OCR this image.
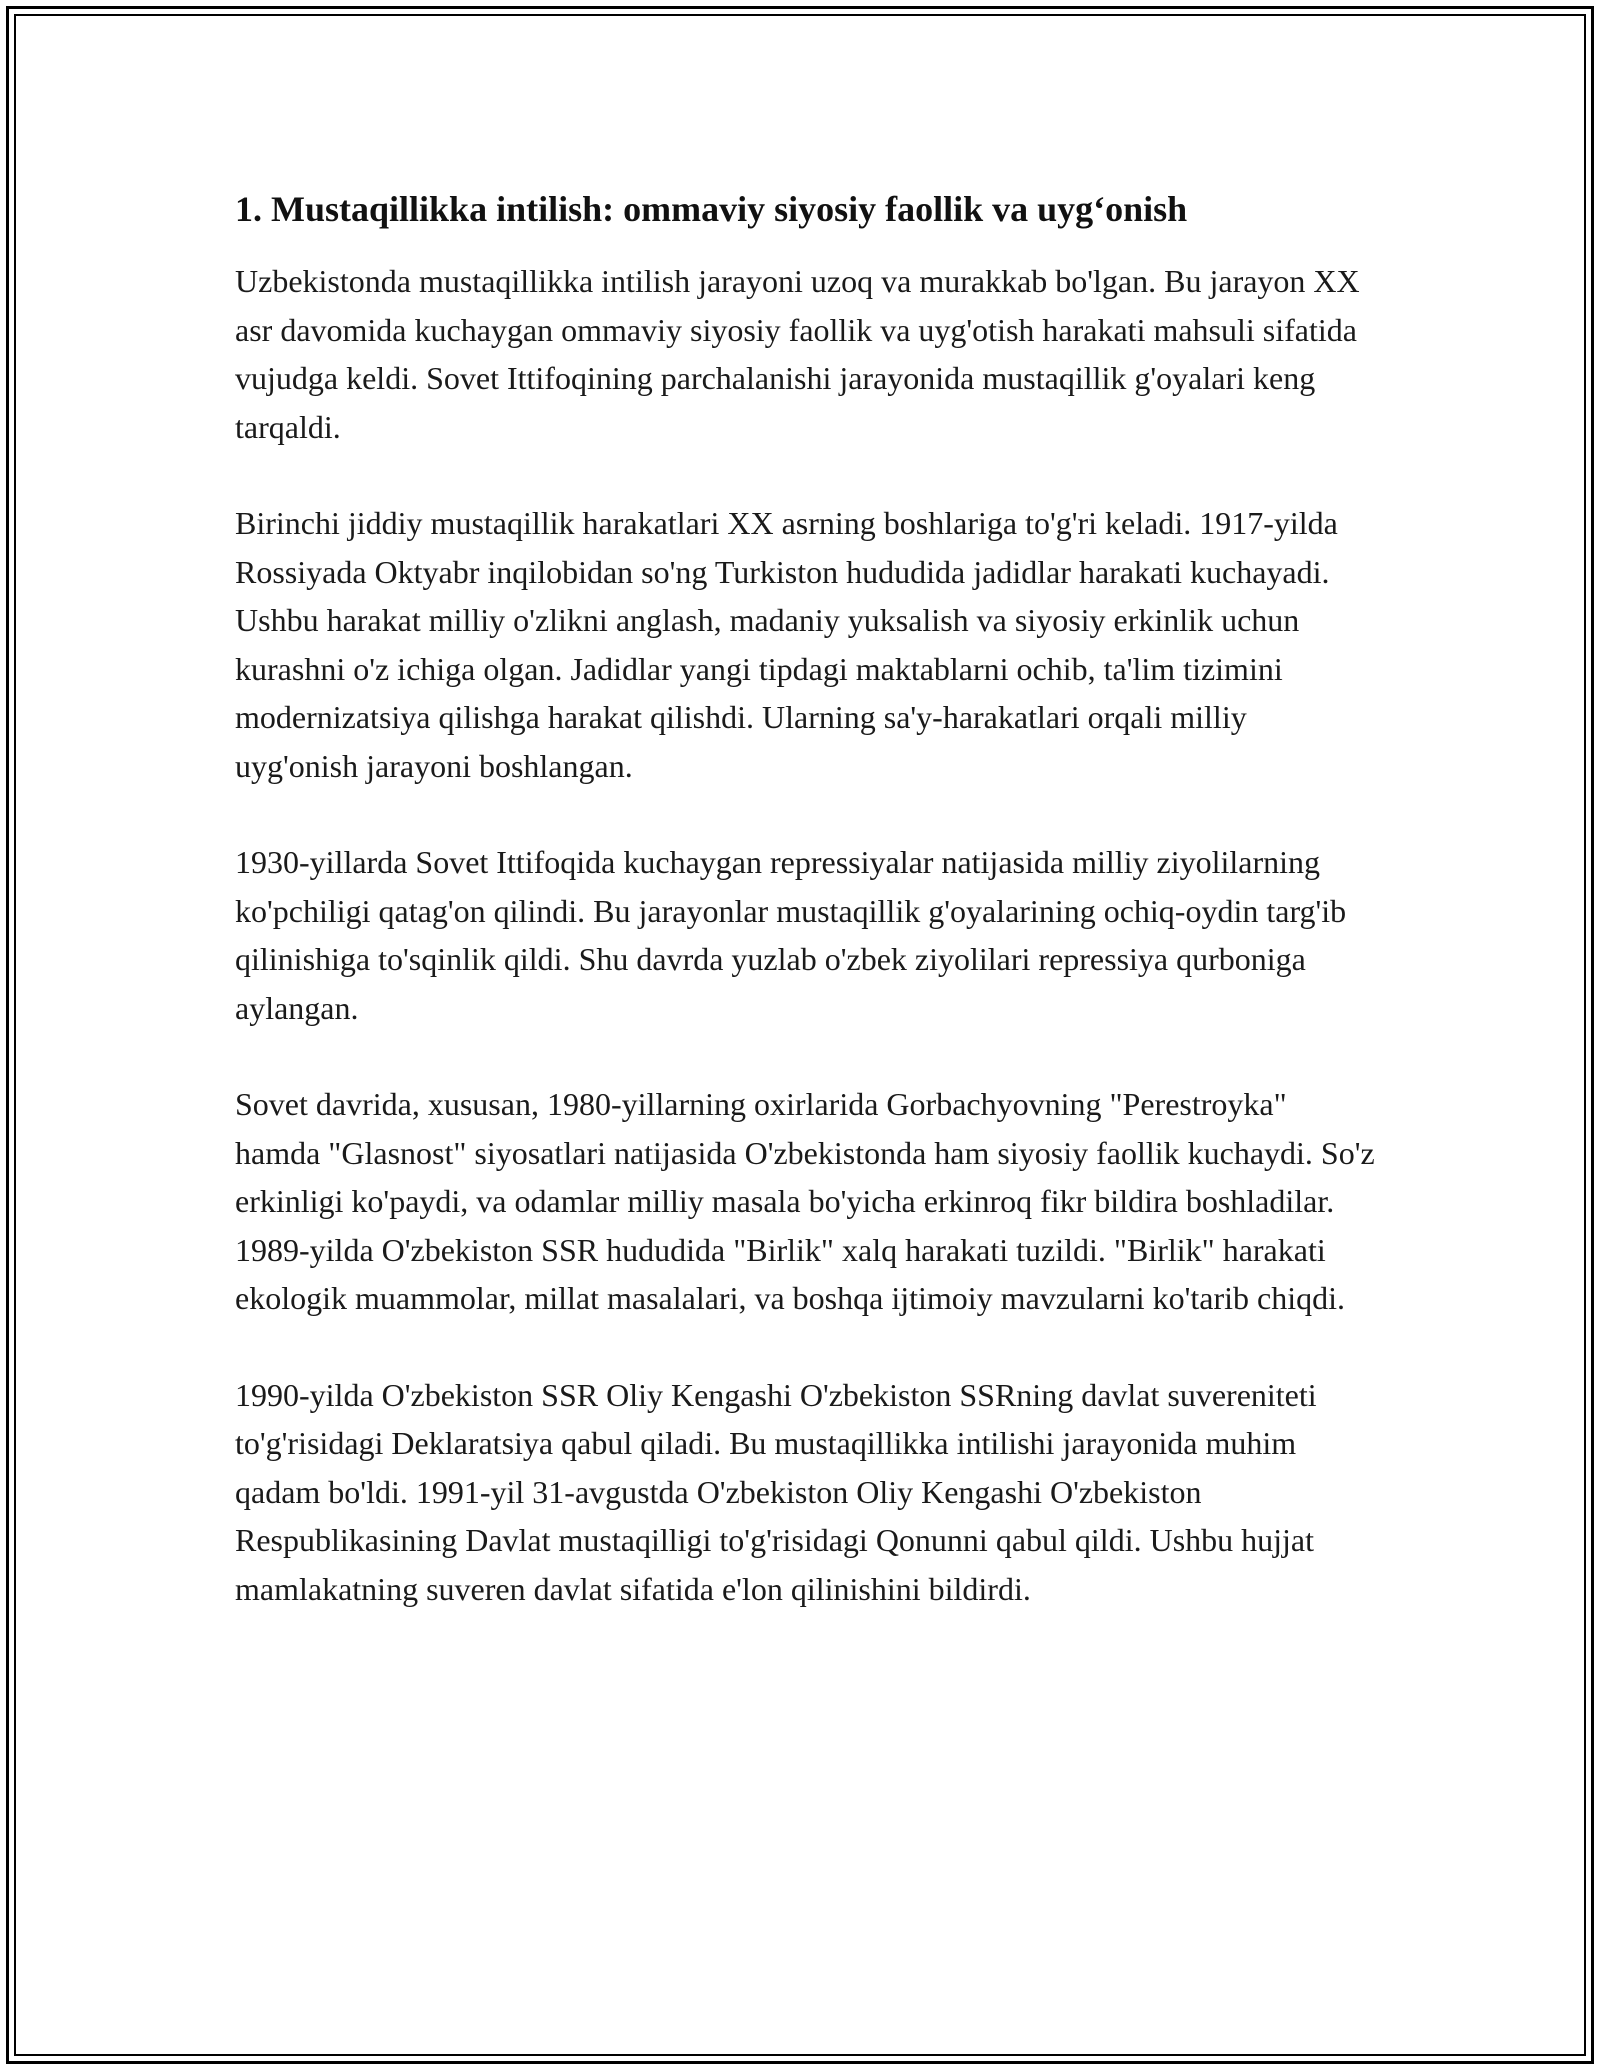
1. Mustaqillikka intilish: ommaviy siyosiy faollik va uyg‘onish

Uzbekistonda mustaqillikka intilish jarayoni uzoq va murakkab bo'lgan. Bu jarayon XX asr davomida kuchaygan ommaviy siyosiy faollik va uyg'otish harakati mahsuli sifatida vujudga keldi. Sovet Ittifoqining parchalanishi jarayonida mustaqillik g'oyalari keng tarqaldi.

Birinchi jiddiy mustaqillik harakatlari XX asrning boshlariga to'g'ri keladi. 1917-yilda Rossiyada Oktyabr inqilobidan so'ng Turkiston hududida jadidlar harakati kuchayadi. Ushbu harakat milliy o'zlikni anglash, madaniy yuksalish va siyosiy erkinlik uchun kurashni o'z ichiga olgan. Jadidlar yangi tipdagi maktablarni ochib, ta'lim tizimini modernizatsiya qilishga harakat qilishdi. Ularning sa'y-harakatlari orqali milliy uyg'onish jarayoni boshlangan.

1930-yillarda Sovet Ittifoqida kuchaygan repressiyalar natijasida milliy ziyolilarning ko'pchiligi qatag'on qilindi. Bu jarayonlar mustaqillik g'oyalarining ochiq-oydin targ'ib qilinishiga to'sqinlik qildi. Shu davrda yuzlab o'zbek ziyolilari repressiya qurboniga aylangan.

Sovet davrida, xususan, 1980-yillarning oxirlarida Gorbachyovning "Perestroyka" hamda "Glasnost" siyosatlari natijasida O'zbekistonda ham siyosiy faollik kuchaydi. So'z erkinligi ko'paydi, va odamlar milliy masala bo'yicha erkinroq fikr bildira boshladilar. 1989-yilda O'zbekiston SSR hududida "Birlik" xalq harakati tuzildi. "Birlik" harakati ekologik muammolar, millat masalalari, va boshqa ijtimoiy mavzularni ko'tarib chiqdi.

1990-yilda O'zbekiston SSR Oliy Kengashi O'zbekiston SSRning davlat suvereniteti to'g'risidagi Deklaratsiya qabul qiladi. Bu mustaqillikka intilishi jarayonida muhim qadam bo'ldi. 1991-yil 31-avgustda O'zbekiston Oliy Kengashi O'zbekiston Respublikasining Davlat mustaqilligi to'g'risidagi Qonunni qabul qildi. Ushbu hujjat mamlakatning suveren davlat sifatida e'lon qilinishini bildirdi.
